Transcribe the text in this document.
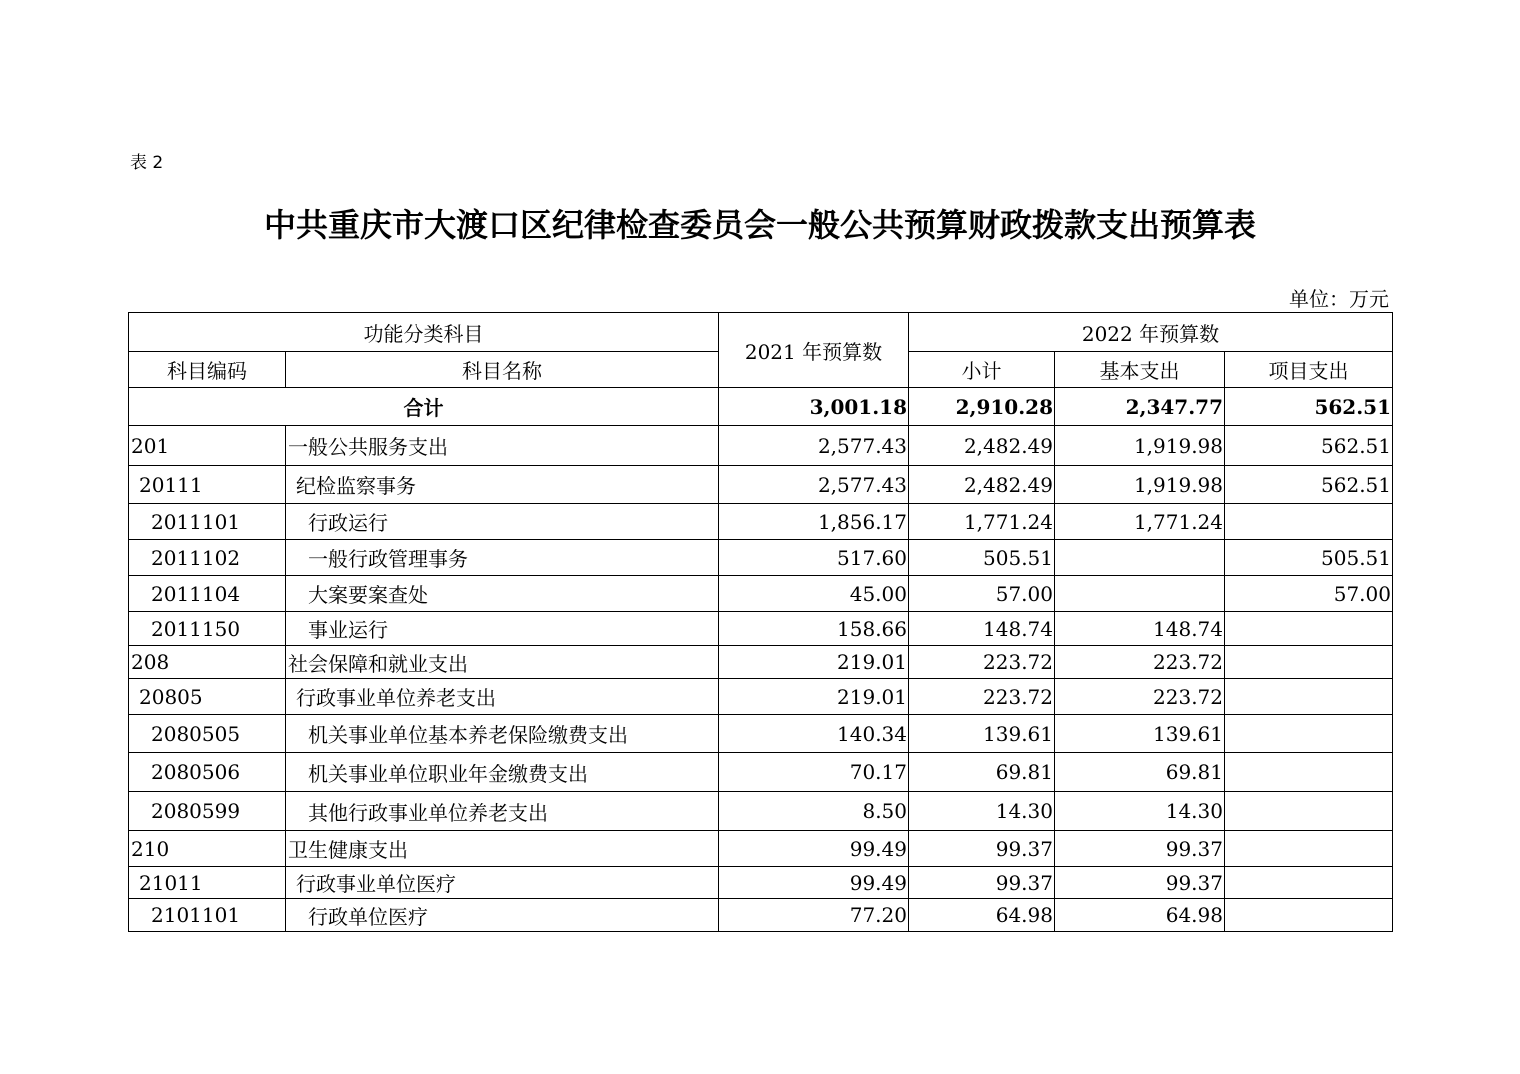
表 2
中共重庆市大渡口区纪律检查委员会一般公共预算财政拨款支出预算表
单位：万元
功能分类科目		2021 年预算数	2022 年预算数		
科目编码	科目名称		小计	基本支出	项目支出
合计		3,001.18	2,910.28	2,347.77	562.51
201	一般公共服务支出	2,577.43	2,482.49	1,919.98	562.51
20111	纪检监察事务	2,577.43	2,482.49	1,919.98	562.51
2011101	行政运行	1,856.17	1,771.24	1,771.24	
2011102	一般行政管理事务	517.60	505.51		505.51
2011104	大案要案查处	45.00	57.00		57.00
2011150	事业运行	158.66	148.74	148.74	
208	社会保障和就业支出	219.01	223.72	223.72	
20805	行政事业单位养老支出	219.01	223.72	223.72	
2080505	机关事业单位基本养老保险缴费支出	140.34	139.61	139.61	
2080506	机关事业单位职业年金缴费支出	70.17	69.81	69.81	
2080599	其他行政事业单位养老支出	8.50	14.30	14.30	
210	卫生健康支出	99.49	99.37	99.37	
21011	行政事业单位医疗	99.49	99.37	99.37	
2101101	行政单位医疗	77.20	64.98	64.98	
